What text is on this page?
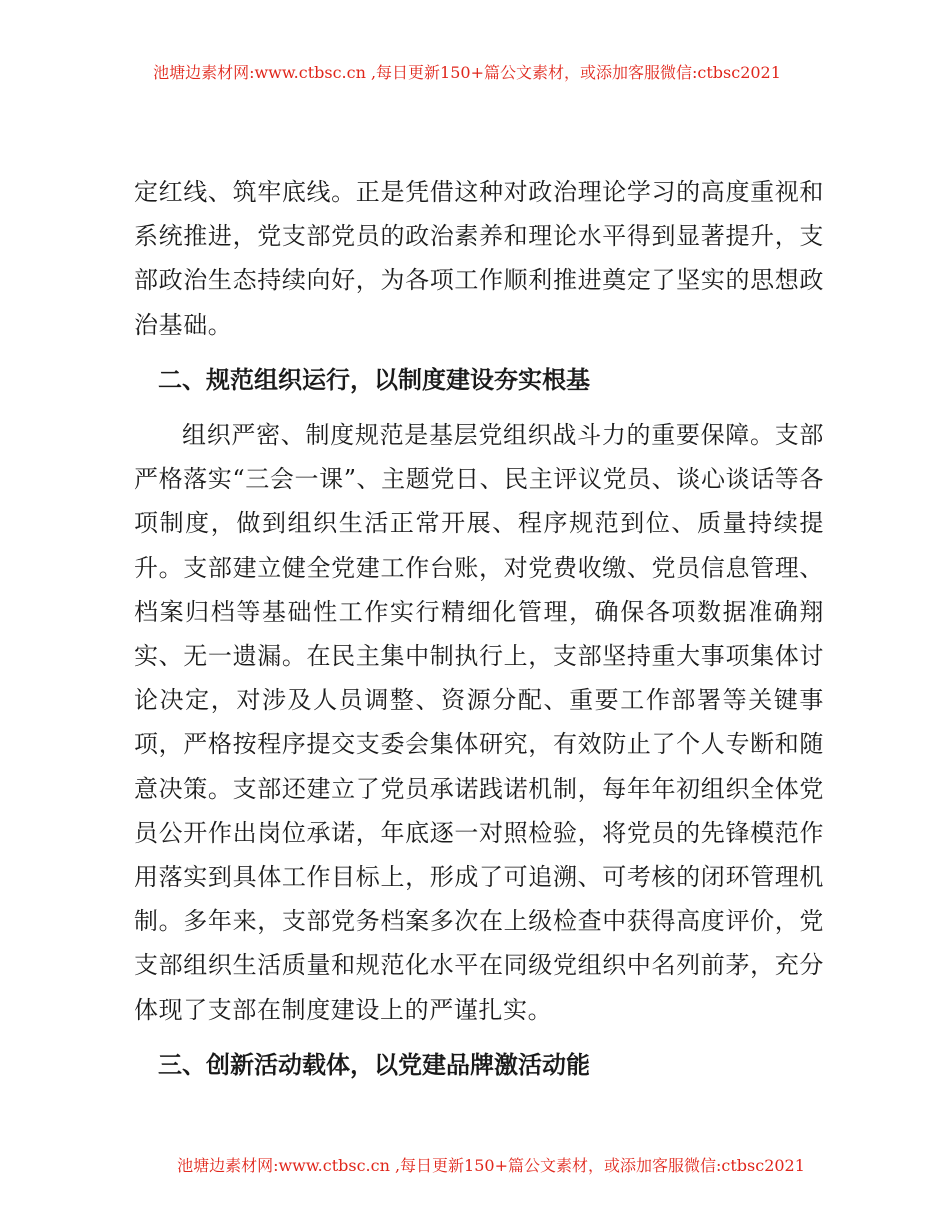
池塘边素材网:www.ctbsc.cn ,每日更新150+篇公文素材，或添加客服微信:ctbsc2021

定红线、筑牢底线。正是凭借这种对政治理论学习的高度重视和系统推进，党支部党员的政治素养和理论水平得到显著提升，支部政治生态持续向好，为各项工作顺利推进奠定了坚实的思想政治基础。

二、规范组织运行，以制度建设夯实根基

组织严密、制度规范是基层党组织战斗力的重要保障。支部严格落实“三会一课”、主题党日、民主评议党员、谈心谈话等各项制度，做到组织生活正常开展、程序规范到位、质量持续提升。支部建立健全党建工作台账，对党费收缴、党员信息管理、档案归档等基础性工作实行精细化管理，确保各项数据准确翔实、无一遗漏。在民主集中制执行上，支部坚持重大事项集体讨论决定，对涉及人员调整、资源分配、重要工作部署等关键事项，严格按程序提交支委会集体研究，有效防止了个人专断和随意决策。支部还建立了党员承诺践诺机制，每年年初组织全体党员公开作出岗位承诺，年底逐一对照检验，将党员的先锋模范作用落实到具体工作目标上，形成了可追溯、可考核的闭环管理机制。多年来，支部党务档案多次在上级检查中获得高度评价，党支部组织生活质量和规范化水平在同级党组织中名列前茅，充分体现了支部在制度建设上的严谨扎实。

三、创新活动载体，以党建品牌激活动能

池塘边素材网:www.ctbsc.cn ,每日更新150+篇公文素材，或添加客服微信:ctbsc2021
